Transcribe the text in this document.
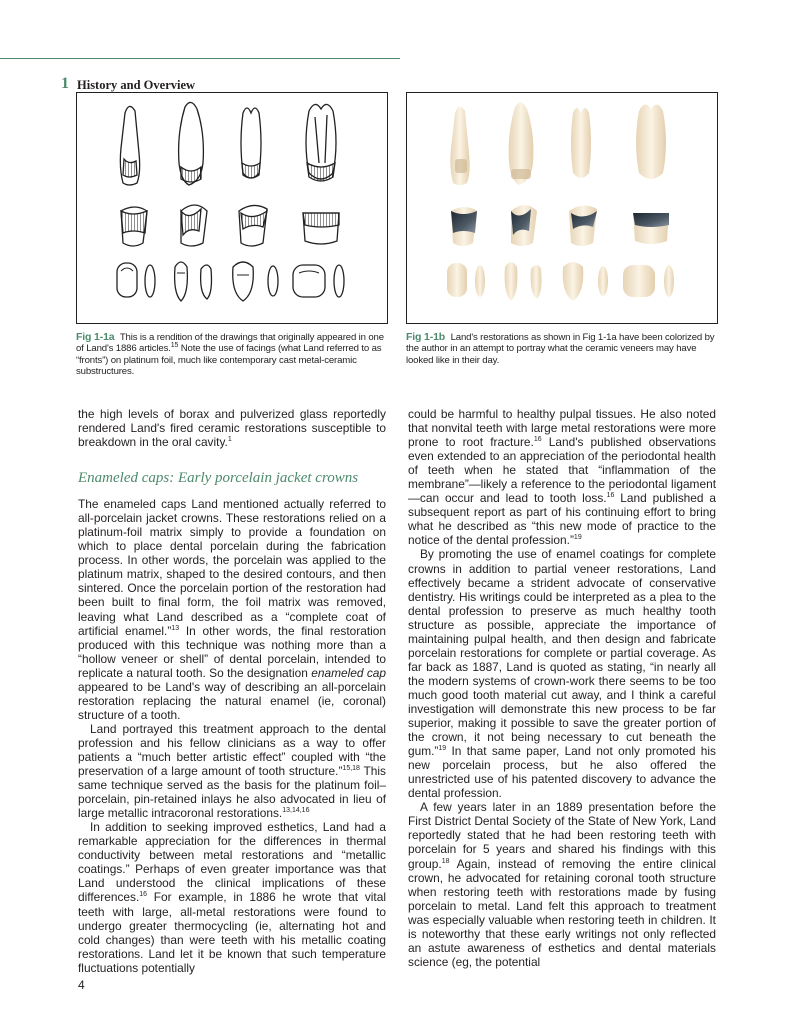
1 History and Overview
Fig 1-1a This is a rendition of the drawings that originally appeared in one of Land's 1886 articles.$^{15}$ Note the use of facings (what Land referred to as “fronts”) on platinum foil, much like contemporary cast metal-ceramic substructures.
Fig 1-1b Land's restorations as shown in Fig 1-1a have been colorized by the author in an attempt to portray what the ceramic veneers may have looked like in their day.

the high levels of borax and pulverized glass reportedly rendered Land's fired ceramic restorations susceptible to breakdown in the oral cavity.$^1$

Enameled caps: Early porcelain jacket crowns

The enameled caps Land mentioned actually referred to all-porcelain jacket crowns. These restorations relied on a platinum-foil matrix simply to provide a foundation on which to place dental porcelain during the fabrication process. In other words, the porcelain was applied to the platinum matrix, shaped to the desired contours, and then sintered. Once the porcelain portion of the restoration had been built to final form, the foil matrix was removed, leaving what Land described as a “complete coat of artificial enamel.”$^{13}$ In other words, the final restoration produced with this technique was nothing more than a “hollow veneer or shell” of dental porcelain, intended to replicate a natural tooth. So the designation enameled cap appeared to be Land's way of describing an all-porcelain restoration replacing the natural enamel (ie, coronal) structure of a tooth.

Land portrayed this treatment approach to the dental profession and his fellow clinicians as a way to offer patients a “much better artistic effect” coupled with “the preservation of a large amount of tooth structure.”$^{15,18}$ This same technique served as the basis for the platinum foil–porcelain, pin-retained inlays he also advocated in lieu of large metallic intracoronal restorations.$^{13,14,16}$

In addition to seeking improved esthetics, Land had a remarkable appreciation for the differences in thermal conductivity between metal restorations and “metallic coatings.” Perhaps of even greater importance was that Land understood the clinical implications of these differences.$^{16}$ For example, in 1886 he wrote that vital teeth with large, all-metal restorations were found to undergo greater thermocycling (ie, alternating hot and cold changes) than were teeth with his metallic coating restorations. Land let it be known that such temperature fluctuations potentially

could be harmful to healthy pulpal tissues. He also noted that nonvital teeth with large metal restorations were more prone to root fracture.$^{16}$ Land's published observations even extended to an appreciation of the periodontal health of teeth when he stated that “inflammation of the membrane”—likely a reference to the periodontal ligament—can occur and lead to tooth loss.$^{16}$ Land published a subsequent report as part of his continuing effort to bring what he described as “this new mode of practice to the notice of the dental profession.”$^{19}$

By promoting the use of enamel coatings for complete crowns in addition to partial veneer restorations, Land effectively became a strident advocate of conservative dentistry. His writings could be interpreted as a plea to the dental profession to preserve as much healthy tooth structure as possible, appreciate the importance of maintaining pulpal health, and then design and fabricate porcelain restorations for complete or partial coverage. As far back as 1887, Land is quoted as stating, “in nearly all the modern systems of crown-work there seems to be too much good tooth material cut away, and I think a careful investigation will demonstrate this new process to be far superior, making it possible to save the greater portion of the crown, it not being necessary to cut beneath the gum.”$^{19}$ In that same paper, Land not only promoted his new porcelain process, but he also offered the unrestricted use of his patented discovery to advance the dental profession.

A few years later in an 1889 presentation before the First District Dental Society of the State of New York, Land reportedly stated that he had been restoring teeth with porcelain for 5 years and shared his findings with this group.$^{18}$ Again, instead of removing the entire clinical crown, he advocated for retaining coronal tooth structure when restoring teeth with restorations made by fusing porcelain to metal. Land felt this approach to treatment was especially valuable when restoring teeth in children. It is noteworthy that these early writings not only reflected an astute awareness of esthetics and dental materials science (eg, the potential

4
